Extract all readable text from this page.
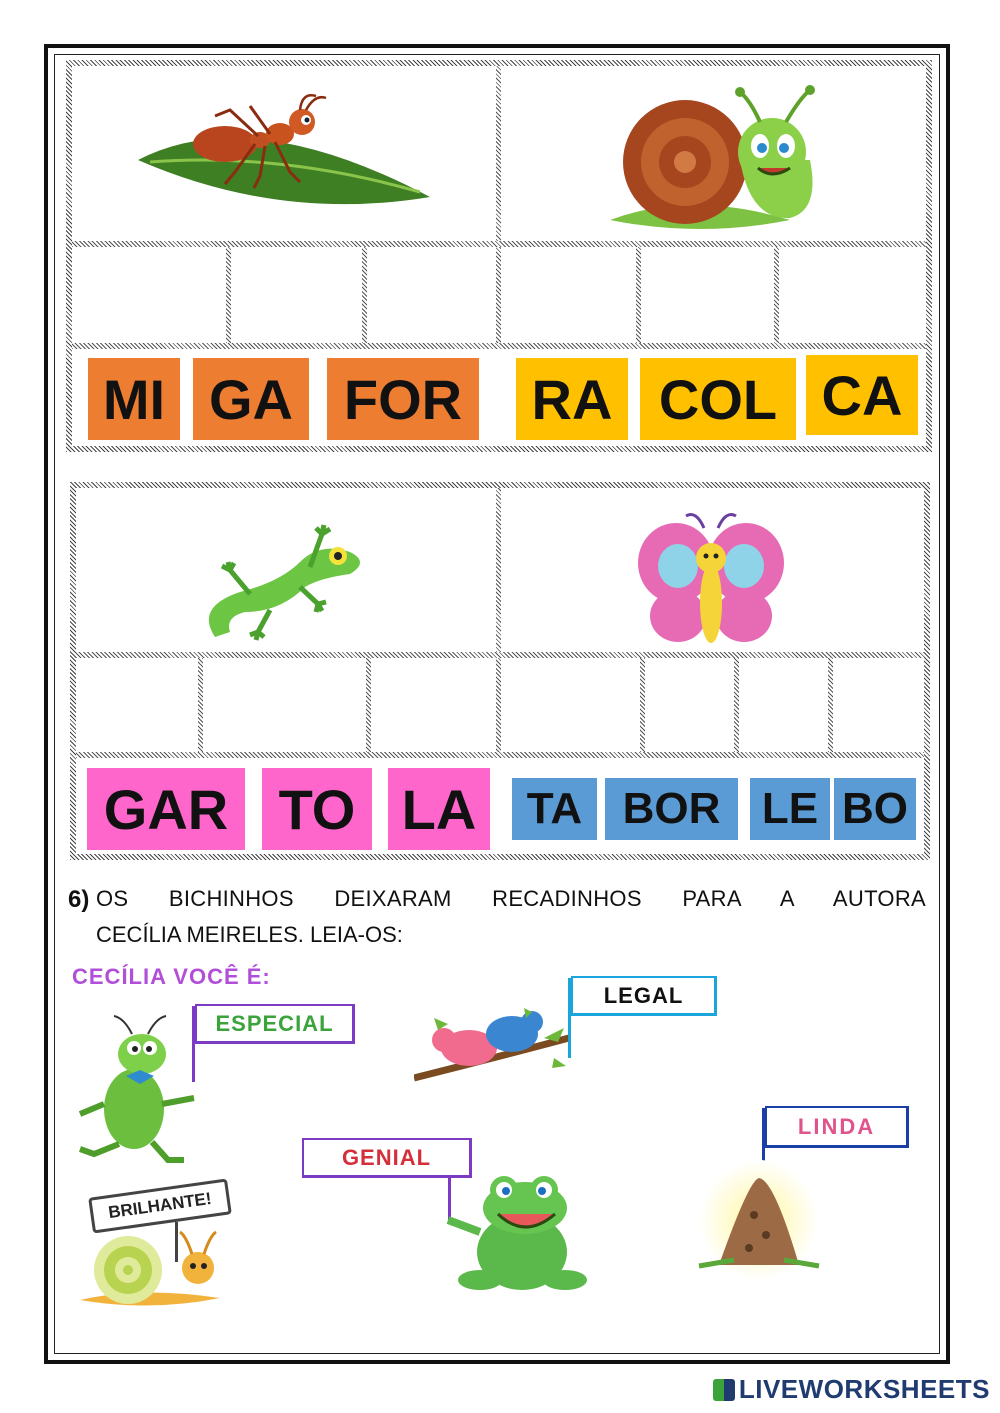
MI GA FOR	RA COL CA
GAR TO LA	TA BOR LE BO
6) OS BICHINHOS DEIXARAM RECADINHOS PARA A AUTORA
CECÍLIA MEIRELES. LEIA-OS:
CECÍLIA VOCÊ É:
ESPECIAL
LEGAL
GENIAL
LINDA
BRILHANTE!
LIVEWORKSHEETS
